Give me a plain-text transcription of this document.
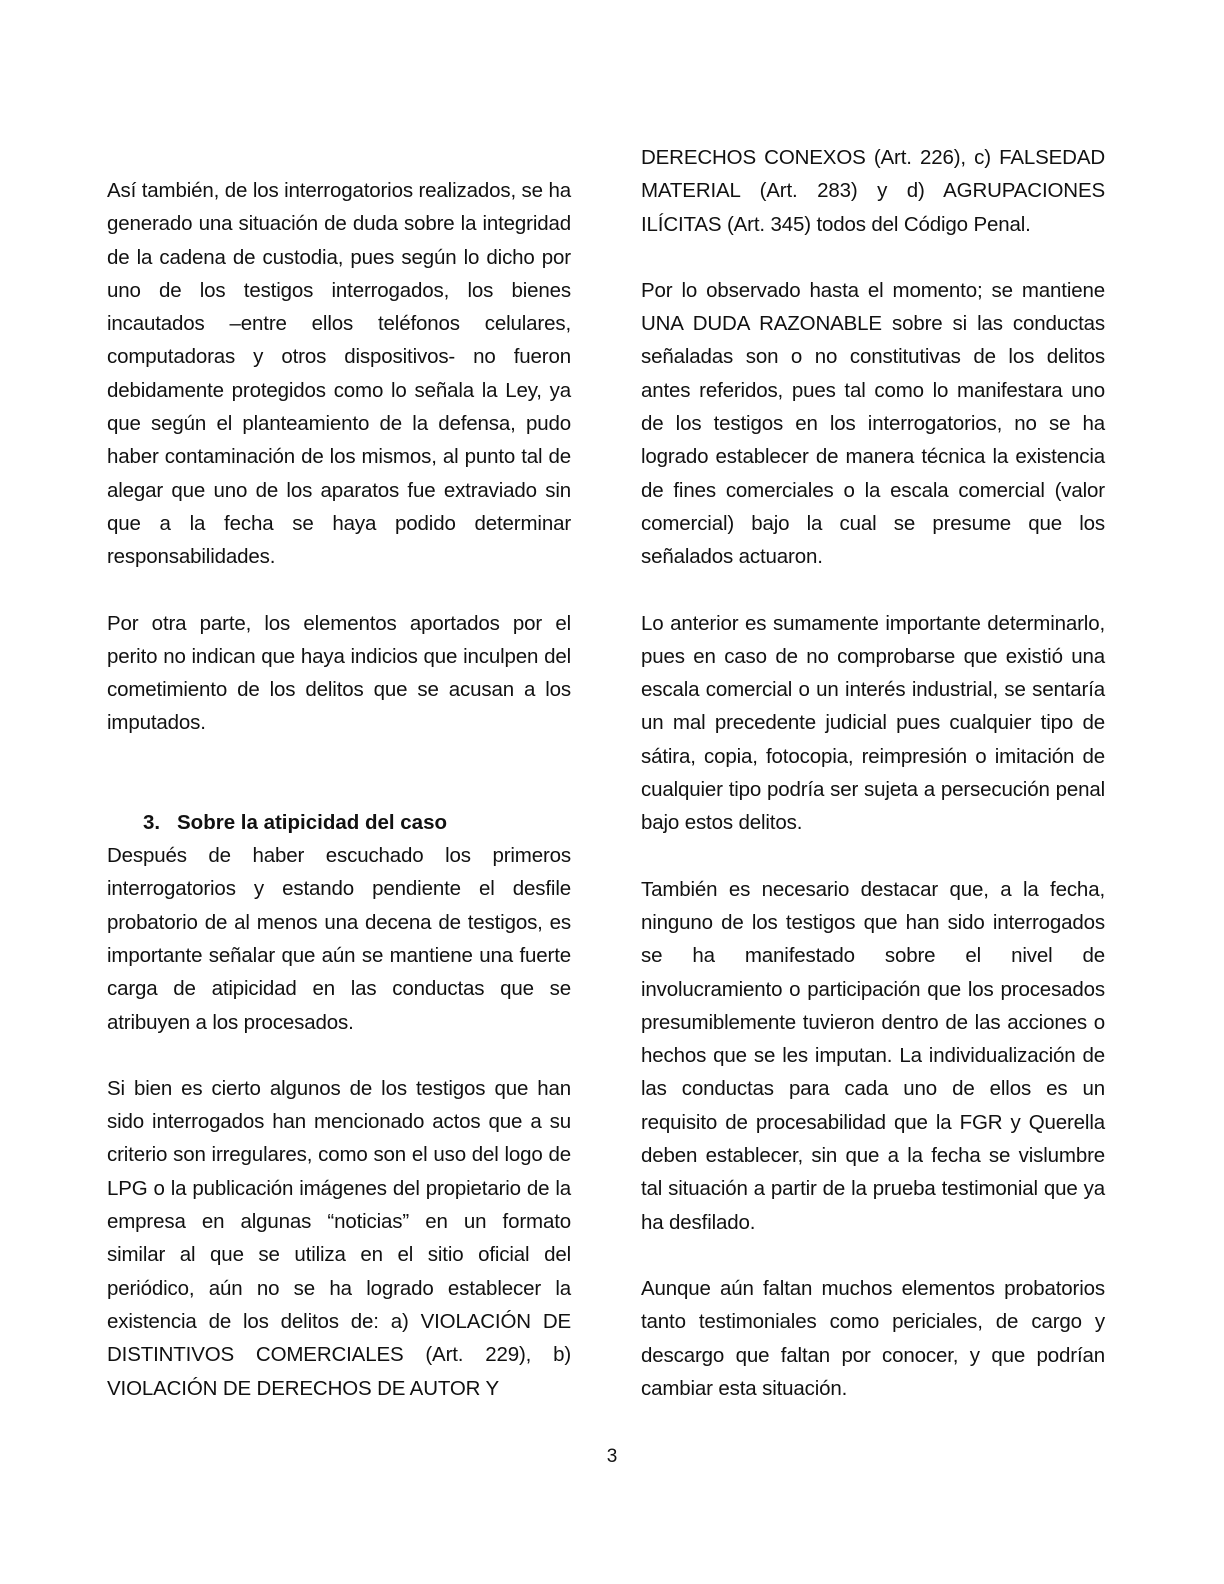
Así también, de los interrogatorios realizados, se ha generado una situación de duda sobre la integridad de la cadena de custodia, pues según lo dicho por uno de los testigos interrogados, los bienes incautados –entre ellos teléfonos celulares, computadoras y otros dispositivos- no fueron debidamente protegidos como lo señala la Ley, ya que según el planteamiento de la defensa, pudo haber contaminación de los mismos, al punto tal de alegar que uno de los aparatos fue extraviado sin que a la fecha se haya podido determinar responsabilidades.

Por otra parte, los elementos aportados por el perito no indican que haya indicios que inculpen del cometimiento de los delitos que se acusan a los imputados.

3. Sobre la atipicidad del caso

Después de haber escuchado los primeros interrogatorios y estando pendiente el desfile probatorio de al menos una decena de testigos, es importante señalar que aún se mantiene una fuerte carga de atipicidad en las conductas que se atribuyen a los procesados.

Si bien es cierto algunos de los testigos que han sido interrogados han mencionado actos que a su criterio son irregulares, como son el uso del logo de LPG o la publicación imágenes del propietario de la empresa en algunas “noticias” en un formato similar al que se utiliza en el sitio oficial del periódico, aún no se ha logrado establecer la existencia de los delitos de: a) VIOLACIÓN DE DISTINTIVOS COMERCIALES (Art. 229), b) VIOLACIÓN DE DERECHOS DE AUTOR Y

DERECHOS CONEXOS (Art. 226), c) FALSEDAD MATERIAL (Art. 283) y d) AGRUPACIONES ILÍCITAS (Art. 345) todos del Código Penal.

Por lo observado hasta el momento; se mantiene UNA DUDA RAZONABLE sobre si las conductas señaladas son o no constitutivas de los delitos antes referidos, pues tal como lo manifestara uno de los testigos en los interrogatorios, no se ha logrado establecer de manera técnica la existencia de fines comerciales o la escala comercial (valor comercial) bajo la cual se presume que los señalados actuaron.

Lo anterior es sumamente importante determinarlo, pues en caso de no comprobarse que existió una escala comercial o un interés industrial, se sentaría un mal precedente judicial pues cualquier tipo de sátira, copia, fotocopia, reimpresión o imitación de cualquier tipo podría ser sujeta a persecución penal bajo estos delitos.

También es necesario destacar que, a la fecha, ninguno de los testigos que han sido interrogados se ha manifestado sobre el nivel de involucramiento o participación que los procesados presumiblemente tuvieron dentro de las acciones o hechos que se les imputan. La individualización de las conductas para cada uno de ellos es un requisito de procesabilidad que la FGR y Querella deben establecer, sin que a la fecha se vislumbre tal situación a partir de la prueba testimonial que ya ha desfilado.

Aunque aún faltan muchos elementos probatorios tanto testimoniales como periciales, de cargo y descargo que faltan por conocer, y que podrían cambiar esta situación.

3
